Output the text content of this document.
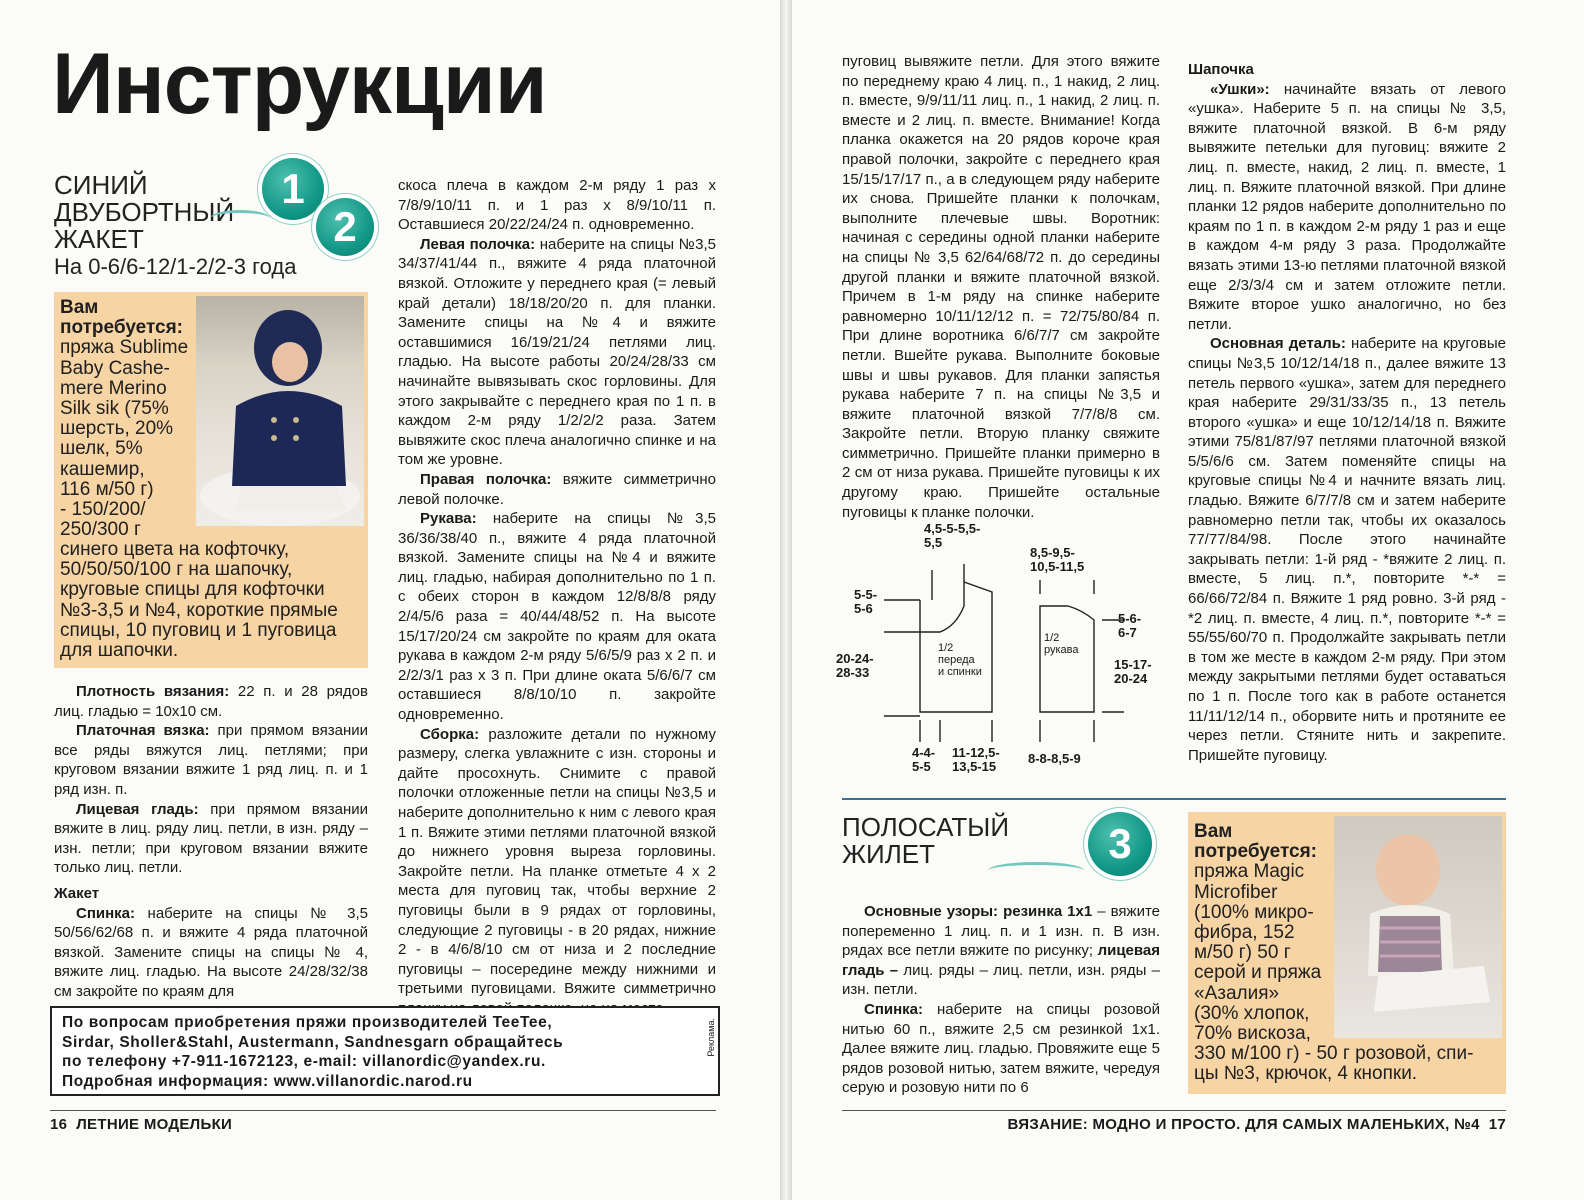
Инструкции
СИНИЙ
ДВУБОРТНЫЙ
ЖАКЕТ
На 0-6/6-12/1-2/2-3 года
1
2
Вам потребуется:
пряжа Sublime
Baby Cashe-
mere Merino
Silk sik (75%
шерсть, 20%
шелк, 5%
кашемир,
116 м/50 г)
- 150/200/
250/300 г
синего цвета на кофточку,
50/50/50/100 г на шапочку,
круговые спицы для кофточки
№3-3,5 и №4, короткие прямые
спицы, 10 пуговиц и 1 пуговица
для шапочки.

Плотность вязания: 22 п. и 28 рядов лиц. гладью = 10х10 см.

Платочная вязка: при прямом вязании все ряды вяжутся лиц. петлями; при круговом вязании вяжите 1 ряд лиц. п. и 1 ряд изн. п.

Лицевая гладь: при прямом вязании вяжите в лиц. ряду лиц. петли, в изн. ряду – изн. петли; при круговом вязании вяжите только лиц. петли.

Жакет

Спинка: наберите на спицы № 3,5 50/56/62/68 п. и вяжите 4 ряда платочной вязкой. Замените спицы на спицы № 4, вяжите лиц. гладью. На высоте 24/28/32/38 см закройте по краям для

скоса плеча в каждом 2-м ряду 1 раз х 7/8/9/10/11 п. и 1 раз х 8/9/10/11 п. Оставшиеся 20/22/24/24 п. одновременно.

Левая полочка: наберите на спицы №3,5 34/37/41/44 п., вяжите 4 ряда платочной вязкой. Отложите у переднего края (= левый край детали) 18/18/20/20 п. для планки. Замените спицы на №4 и вяжите оставшимися 16/19/21/24 петлями лиц. гладью. На высоте работы 20/24/28/33 см начинайте вывязывать скос горловины. Для этого закрывайте с переднего края по 1 п. в каждом 2-м ряду 1/2/2/2 раза. Затем вывяжите скос плеча аналогично спинке и на том же уровне.

Правая полочка: вяжите симметрично левой полочке.

Рукава: наберите на спицы №3,5 36/36/38/40 п., вяжите 4 ряда платочной вязкой. Замените спицы на №4 и вяжите лиц. гладью, набирая дополнительно по 1 п. с обеих сторон в каждом 12/8/8/8 ряду 2/4/5/6 раза = 40/44/48/52 п. На высоте 15/17/20/24 см закройте по краям для оката рукава в каждом 2-м ряду 5/6/5/9 раз х 2 п. и 2/2/3/1 раз х 3 п. При длине оката 5/6/6/7 см оставшиеся 8/8/10/10 п. закройте одновременно.

Сборка: разложите детали по нужному размеру, слегка увлажните с изн. стороны и дайте просохнуть. Снимите с правой полочки отложенные петли на спицы №3,5 и наберите дополнительно к ним с левого края 1 п. Вяжите этими петлями платочной вязкой до нижнего уровня выреза горловины. Закройте петли. На планке отметьте 4 х 2 места для пуговиц так, чтобы верхние 2 пуговицы были в 9 рядах от горловины, следующие 2 пуговицы - в 20 рядах, нижние 2 - в 4/6/8/10 см от низа и 2 последние пуговицы – посередине между нижними и третьими пуговицами. Вяжите симметрично

По вопросам приобретения пряжи производителей TeeTee,
Sirdar, Sholler&Stahl, Austermann, Sandnesgarn обращайтесь
по телефону +7-911-1672123, e-mail: villanordic@yandex.ru.
Подробная информация: www.villanordic.narod.ru
Реклама.
16 ЛЕТНИЕ МОДЕЛЬКИ

пуговиц вывяжите петли. Для этого вяжите по переднему краю 4 лиц. п., 1 накид, 2 лиц. п. вместе, 9/9/11/11 лиц. п., 1 накид, 2 лиц. п. вместе и 2 лиц. п. вместе. Внимание! Когда планка окажется на 20 рядов короче края правой полочки, закройте с переднего края 15/15/17/17 п., а в следующем ряду наберите их снова. Пришейте планки к полочкам, выполните плечевые швы. Воротник: начиная с середины одной планки наберите на спицы № 3,5 62/64/68/72 п. до середины другой планки и вяжите платочной вязкой. Причем в 1-м ряду на спинке наберите равномерно 10/11/12/12 п. = 72/75/80/84 п. При длине воротника 6/6/7/7 см закройте петли. Вшейте рукава. Выполните боковые швы и швы рукавов. Для планки запястья рукава наберите 7 п. на спицы №3,5 и вяжите платочной вязкой 7/7/8/8 см. Закройте петли. Вторую планку свяжите симметрично. Пришейте планки примерно в 2 см от низа рукава. Пришейте пуговицы к их другому краю. Пришейте остальные пуговицы к планке полочки.

4,5-5-5,5-
5,5
5-5-
5-6
20-24-
28-33
1/2
переда
и спинки
4-4-
5-5
11-12,5-
13,5-15
8,5-9,5-
10,5-11,5
1/2
рукава
5-6-
6-7
15-17-
20-24
8-8-8,5-9

Шапочка

«Ушки»: начинайте вязать от левого «ушка». Наберите 5 п. на спицы № 3,5, вяжите платочной вязкой. В 6-м ряду вывяжите петельки для пуговиц: вяжите 2 лиц. п. вместе, накид, 2 лиц. п. вместе, 1 лиц. п. Вяжите платочной вязкой. При длине планки 12 рядов наберите дополнительно по краям по 1 п. в каждом 2-м ряду 1 раз и еще в каждом 4-м ряду 3 раза. Продолжайте вязать этими 13-ю петлями платочной вязкой еще 2/3/3/4 см и затем отложите петли. Вяжите второе ушко аналогично, но без петли.

Основная деталь: наберите на круговые спицы №3,5 10/12/14/18 п., далее вяжите 13 петель первого «ушка», затем для переднего края наберите 29/31/33/35 п., 13 петель второго «ушка» и еще 10/12/14/18 п. Вяжите этими 75/81/87/97 петлями платочной вязкой 5/5/6/6 см. Затем поменяйте спицы на круговые спицы №4 и начните вязать лиц. гладью. Вяжите 6/7/7/8 см и затем наберите равномерно петли так, чтобы их оказалось 77/77/84/98. После этого начинайте закрывать петли: 1-й ряд - *вяжите 2 лиц. п. вместе, 5 лиц. п.*, повторите *-* = 66/66/72/84 п. Вяжите 1 ряд ровно. 3-й ряд - *2 лиц. п. вместе, 4 лиц. п.*, повторите *-* = 55/55/60/70 п. Продолжайте закрывать петли в том же месте в каждом 2-м ряду. При этом между закрытыми петлями будет оставаться по 1 п. После того как в работе останется 11/11/12/14 п., оборвите нить и протяните ее через петли. Стяните нить и закрепите. Пришейте пуговицу.

ПОЛОСАТЫЙ
ЖИЛЕТ	3

Основные узоры: резинка 1х1 – вяжите попеременно 1 лиц. п. и 1 изн. п. В изн. рядах все петли вяжите по рисунку; лицевая гладь – лиц. ряды – лиц. петли, изн. ряды – изн. петли.

Спинка: наберите на спицы розовой нитью 60 п., вяжите 2,5 см резинкой 1х1. Далее вяжите лиц. гладью. Провяжите еще 5 рядов розовой нитью, затем вяжите, чередуя серую и розовую нити по 6

Вам потребуется:
пряжа Magic
Microfiber
(100% микро-
фибра, 152
м/50 г) 50 г
серой и пряжа
«Азалия»
(30% хлопок,
70% вискоза,
330 м/100 г) - 50 г розовой, спи-
цы №3, крючок, 4 кнопки.
ВЯЗАНИЕ: МОДНО И ПРОСТО. ДЛЯ САМЫХ МАЛЕНЬКИХ, №4 17
